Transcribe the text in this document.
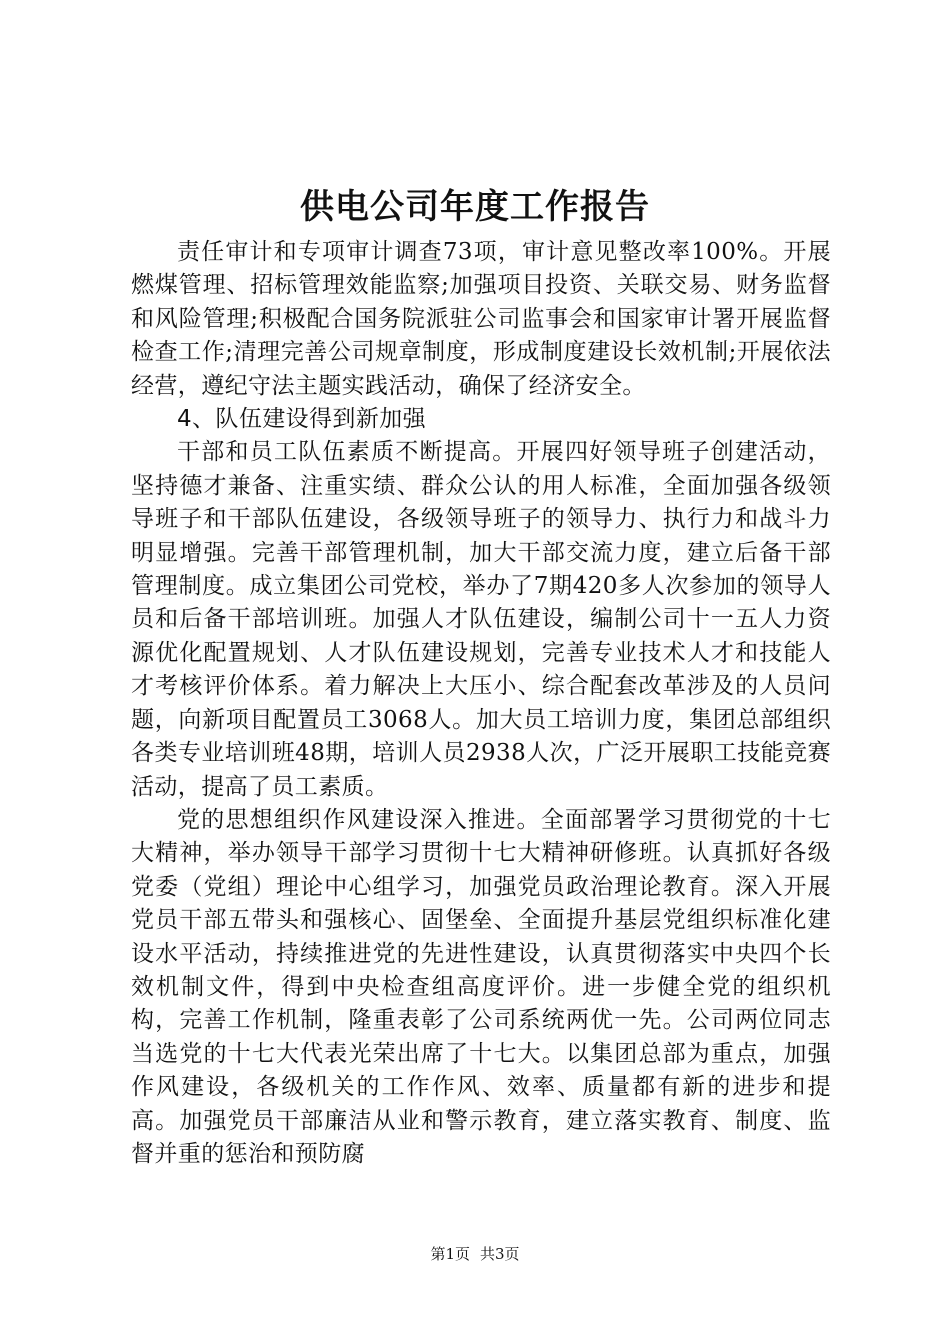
供电公司年度工作报告

责任审计和专项审计调查73项，审计意见整改率100%。开展燃煤管理、招标管理效能监察;加强项目投资、关联交易、财务监督和风险管理;积极配合国务院派驻公司监事会和国家审计署开展监督检查工作;清理完善公司规章制度，形成制度建设长效机制;开展依法经营，遵纪守法主题实践活动，确保了经济安全。

4、队伍建设得到新加强

干部和员工队伍素质不断提高。开展四好领导班子创建活动，坚持德才兼备、注重实绩、群众公认的用人标准，全面加强各级领导班子和干部队伍建设，各级领导班子的领导力、执行力和战斗力明显增强。完善干部管理机制，加大干部交流力度，建立后备干部管理制度。成立集团公司党校，举办了7期420多人次参加的领导人员和后备干部培训班。加强人才队伍建设，编制公司十一五人力资源优化配置规划、人才队伍建设规划，完善专业技术人才和技能人才考核评价体系。着力解决上大压小、综合配套改革涉及的人员问题，向新项目配置员工3068人。加大员工培训力度，集团总部组织各类专业培训班48期，培训人员2938人次，广泛开展职工技能竞赛活动，提高了员工素质。

党的思想组织作风建设深入推进。全面部署学习贯彻党的十七大精神，举办领导干部学习贯彻十七大精神研修班。认真抓好各级党委（党组）理论中心组学习，加强党员政治理论教育。深入开展党员干部五带头和强核心、固堡垒、全面提升基层党组织标准化建设水平活动，持续推进党的先进性建设，认真贯彻落实中央四个长效机制文件，得到中央检查组高度评价。进一步健全党的组织机构，完善工作机制，隆重表彰了公司系统两优一先。公司两位同志当选党的十七大代表光荣出席了十七大。以集团总部为重点，加强作风建设，各级机关的工作作风、效率、质量都有新的进步和提高。加强党员干部廉洁从业和警示教育，建立落实教育、制度、监督并重的惩治和预防腐

第1页 共3页
